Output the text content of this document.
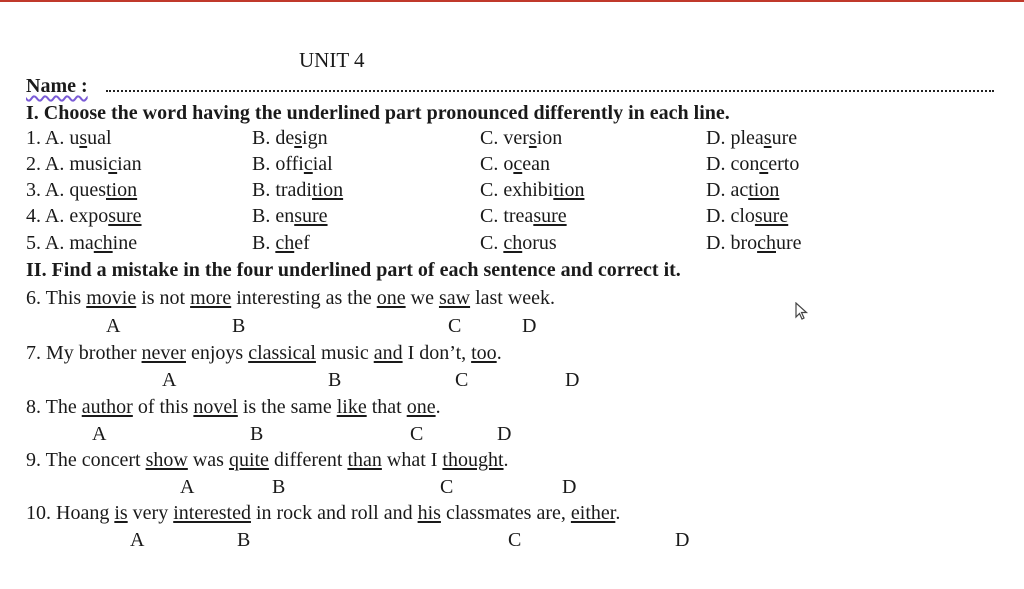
UNIT 4
Name :
I. Choose the word having the underlined part pronounced differently in each line.
1. A. usual	B. design	C. version	D. pleasure
2. A. musician	B. official	C. ocean	D. concerto
3. A. question	B. tradition	C. exhibition	D. action
4. A. exposure	B. ensure	C. treasure	D. closure
5. A. machine	B. chef	C. chorus	D. brochure
II. Find a mistake in the four underlined part of each sentence and correct it.
6. This movie is not more interesting as the one we saw last week.
A	B	C	D
7. My brother never enjoys classical music and I don’t, too.
A	B	C	D
8. The author of this novel is the same like that one.
A	B	C	D
9. The concert show was quite different than what I thought.
A	B	C	D
10. Hoang is very interested in rock and roll and his classmates are, either.
A	B	C	D
